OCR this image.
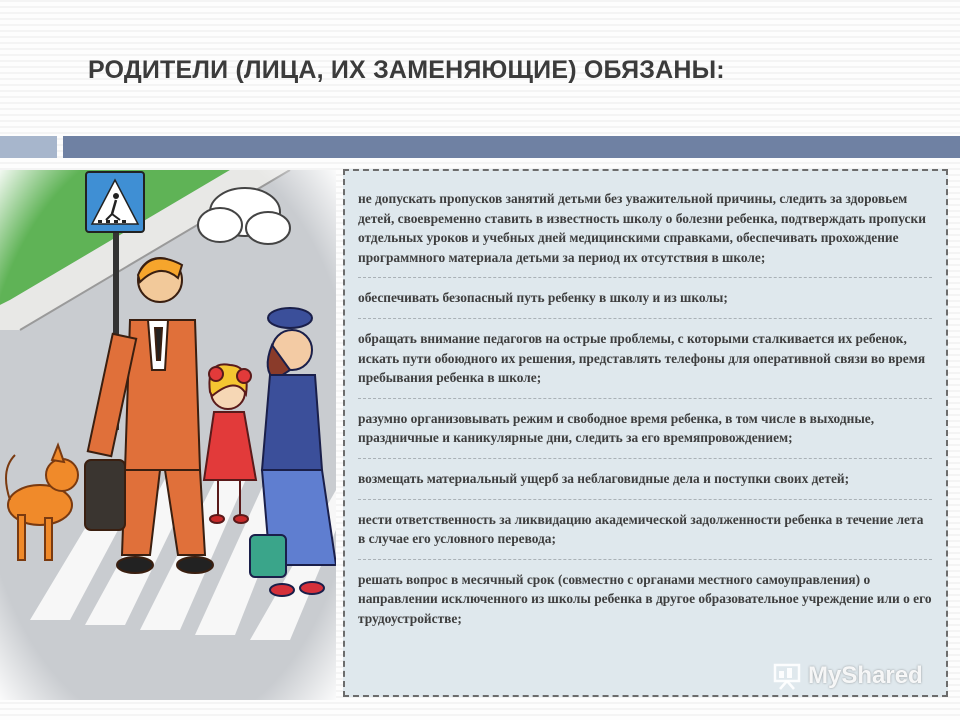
РОДИТЕЛИ (ЛИЦА, ИХ ЗАМЕНЯЮЩИЕ) ОБЯЗАНЫ:
не допускать пропусков занятий детьми без уважительной причины, следить за здоровьем детей, своевременно ставить в известность школу о болезни ребенка, подтверждать пропуски отдельных уроков и учебных дней медицинскими справками, обеспечивать прохождение программного материала детьми за период их отсутствия в школе;
обеспечивать безопасный путь ребенку в школу и из школы;
обращать внимание педагогов на острые проблемы, с которыми сталкивается их ребенок, искать пути обоюдного их решения, представлять телефоны для оперативной связи во время пребывания ребенка в школе;
разумно организовывать режим и свободное время ребенка, в том числе в выходные, праздничные и каникулярные дни, следить за его времяпровождением;
возмещать материальный ущерб за неблаговидные дела и поступки своих детей;
нести ответственность за ликвидацию академической задолженности ребенка в течение лета в случае его условного перевода;
решать вопрос в месячный срок (совместно с органами местного самоуправления) о направлении исключенного из школы ребенка в другое образовательное учреждение или о его трудоустройстве;
MyShared
